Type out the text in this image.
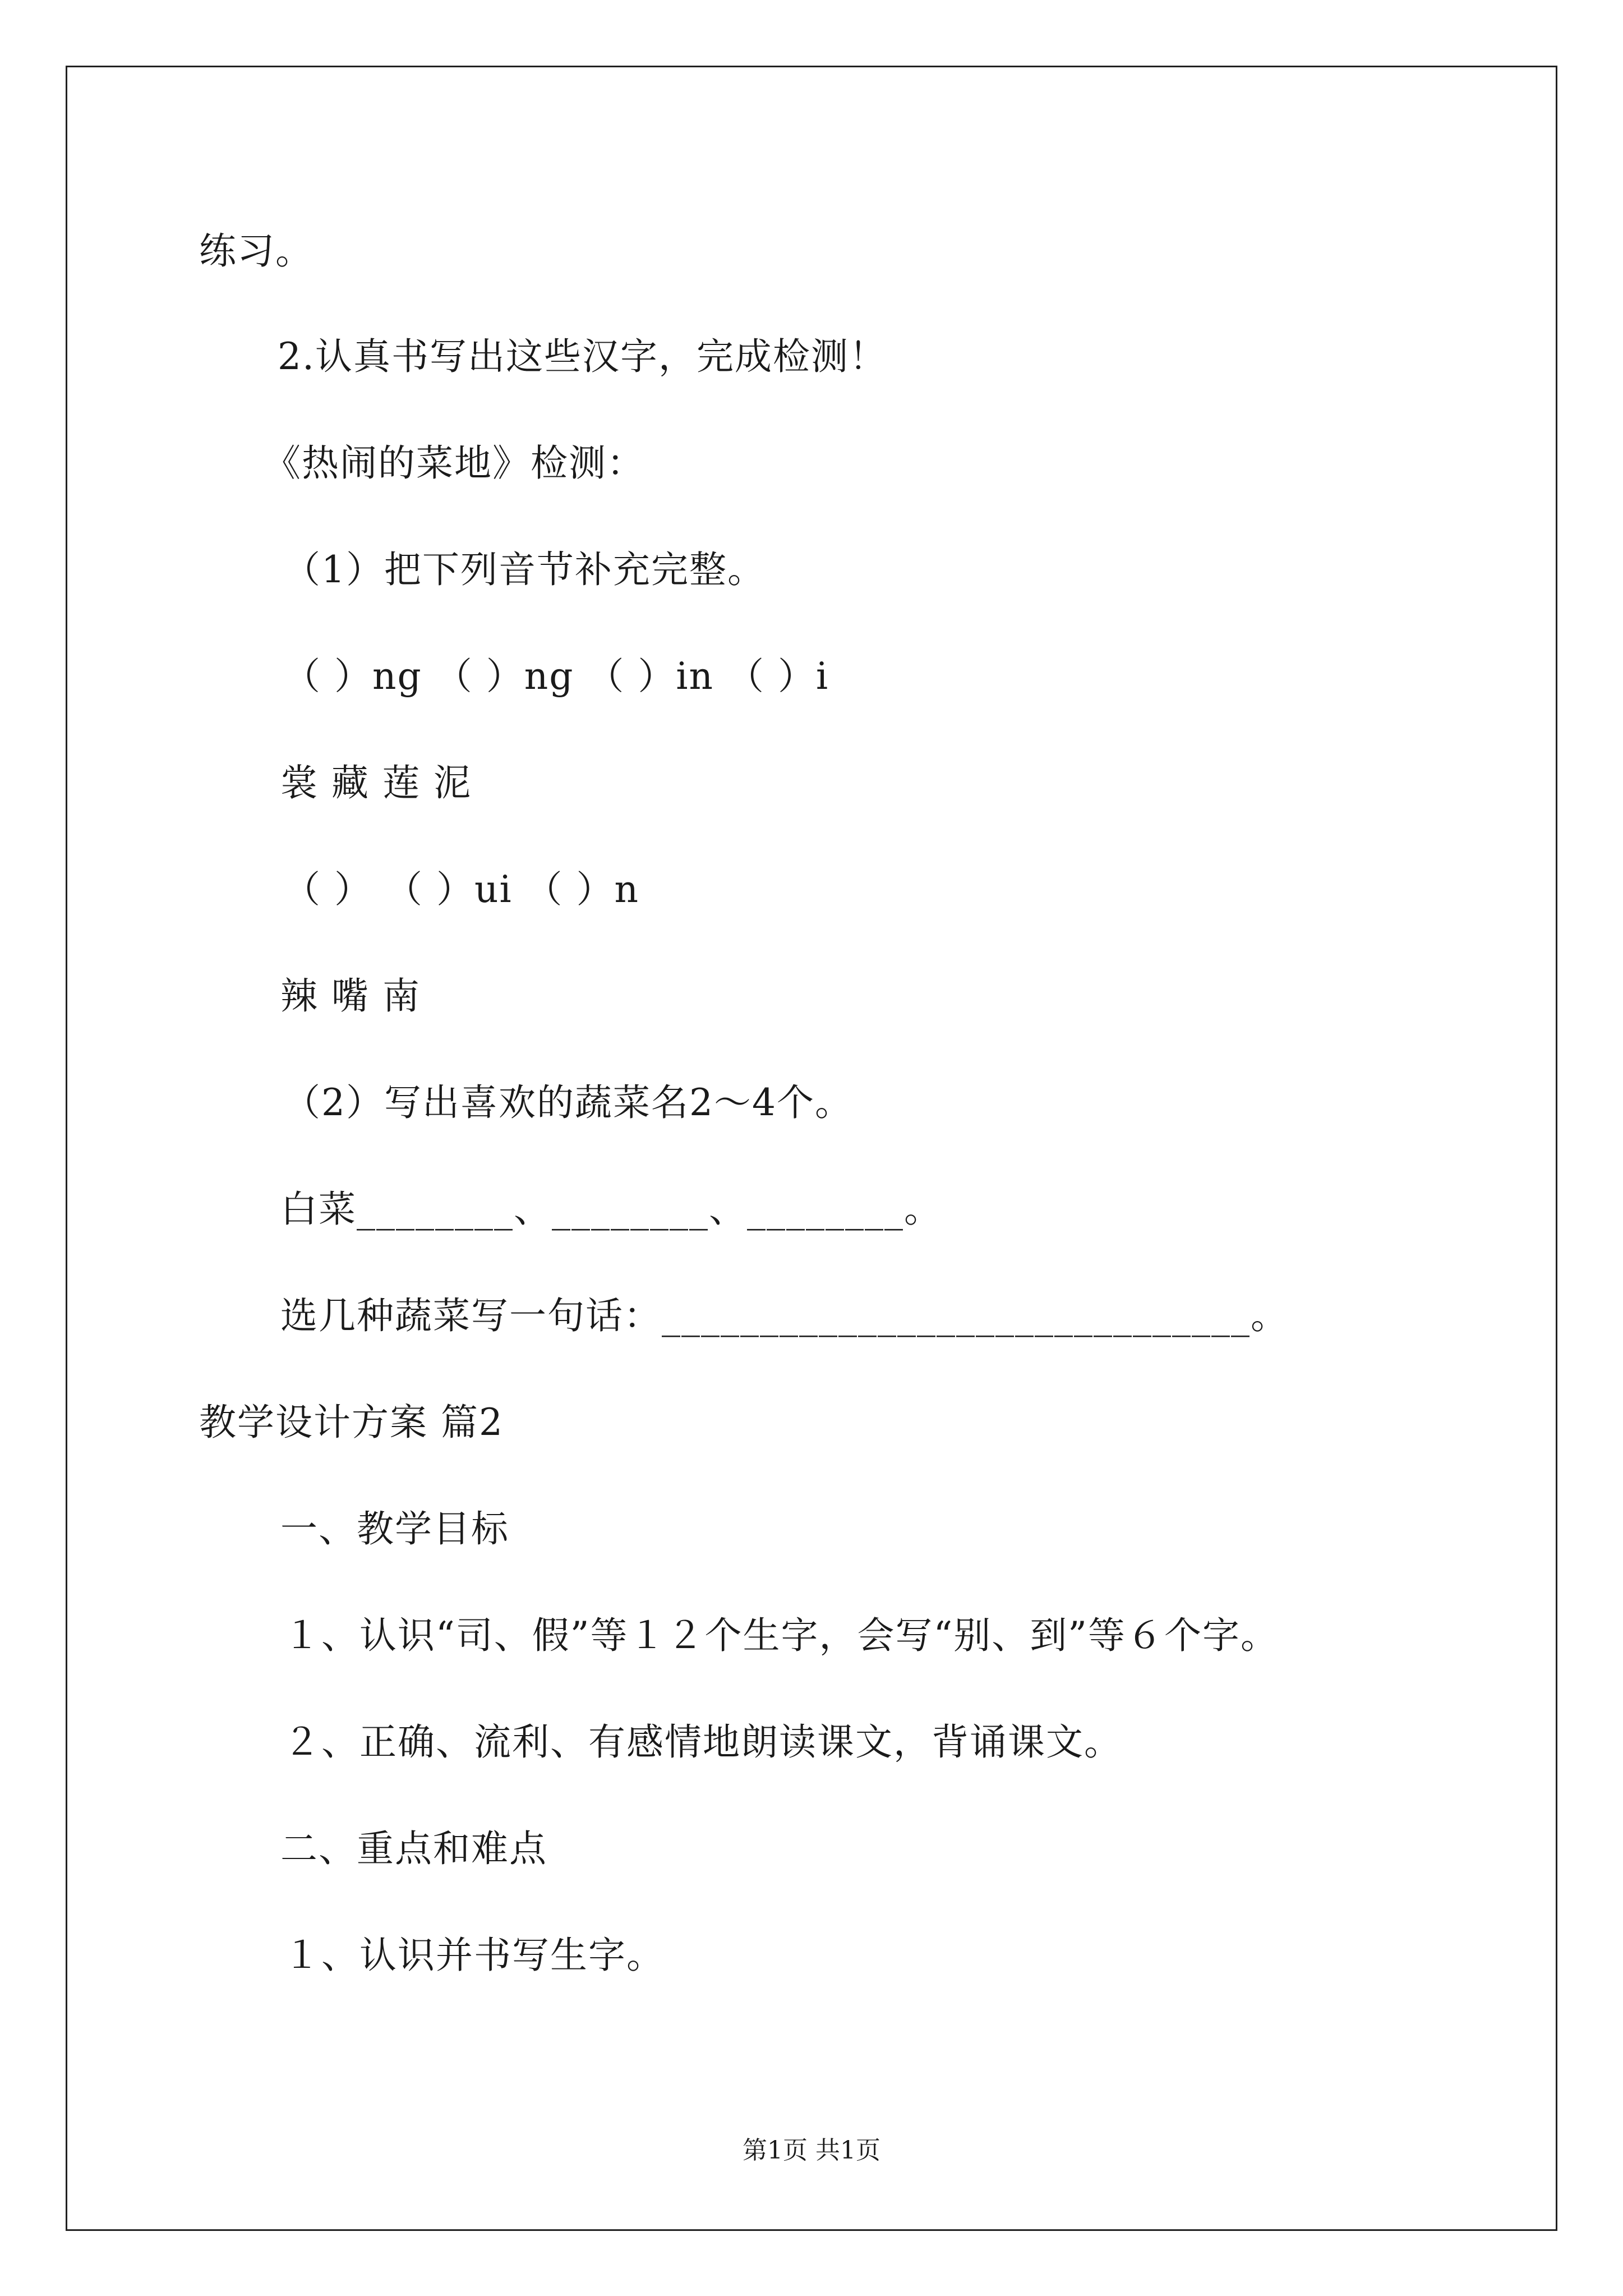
练习。
2.认真书写出这些汉字，完成检测！
《热闹的菜地》检测：
（1）把下列音节补充完整。
（ ）ng （ ）ng （ ）in （ ）i
裳 藏 莲 泥
（ ） （ ）ui （ ）n
辣 嘴 南
（2）写出喜欢的蔬菜名2～4个。
白菜________、________、________。
选几种蔬菜写一句话：______________________________。
教学设计方案 篇2
一、教学目标
１、认识“司、假”等１２个生字，会写“别、到”等６个字。
２、正确、流利、有感情地朗读课文，背诵课文。
二、重点和难点
１、认识并书写生字。
第1页 共1页
